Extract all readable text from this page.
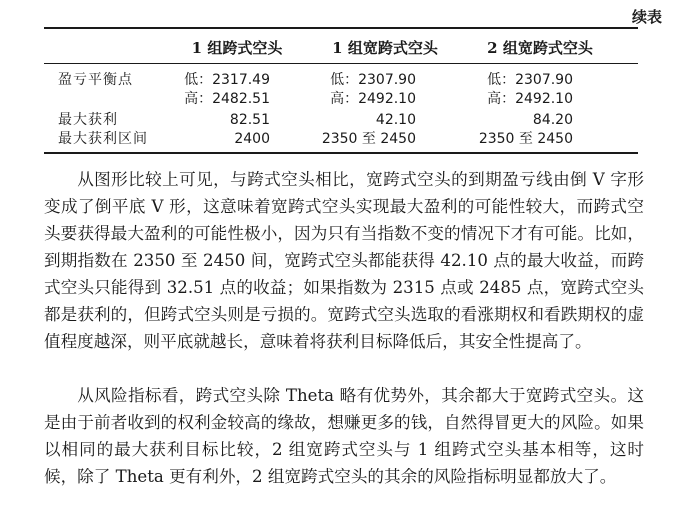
续表
1 组跨式空头	1 组宽跨式空头	2 组宽跨式空头
盈亏平衡点	低：2317.49	低：2307.90	低：2307.90
高：2482.51	高：2492.10	高：2492.10
最大获利	82.51	42.10	84.20
最大获利区间	2400	2350 至 2450	2350 至 2450

从图形比较上可见，与跨式空头相比，宽跨式空头的到期盈亏线由倒 V 字形变成了倒平底 V 形，这意味着宽跨式空头实现最大盈利的可能性较大，而跨式空头要获得最大盈利的可能性极小，因为只有当指数不变的情况下才有可能。比如，到期指数在 2350 至 2450 间，宽跨式空头都能获得 42.10 点的最大收益，而跨式空头只能得到 32.51 点的收益；如果指数为 2315 点或 2485 点，宽跨式空头都是获利的，但跨式空头则是亏损的。宽跨式空头选取的看涨期权和看跌期权的虚值程度越深，则平底就越长，意味着将获利目标降低后，其安全性提高了。

从风险指标看，跨式空头除 Theta 略有优势外，其余都大于宽跨式空头。这是由于前者收到的权利金较高的缘故，想赚更多的钱，自然得冒更大的风险。如果以相同的最大获利目标比较，2 组宽跨式空头与 1 组跨式空头基本相等，这时候，除了 Theta 更有利外，2 组宽跨式空头的其余的风险指标明显都放大了。
